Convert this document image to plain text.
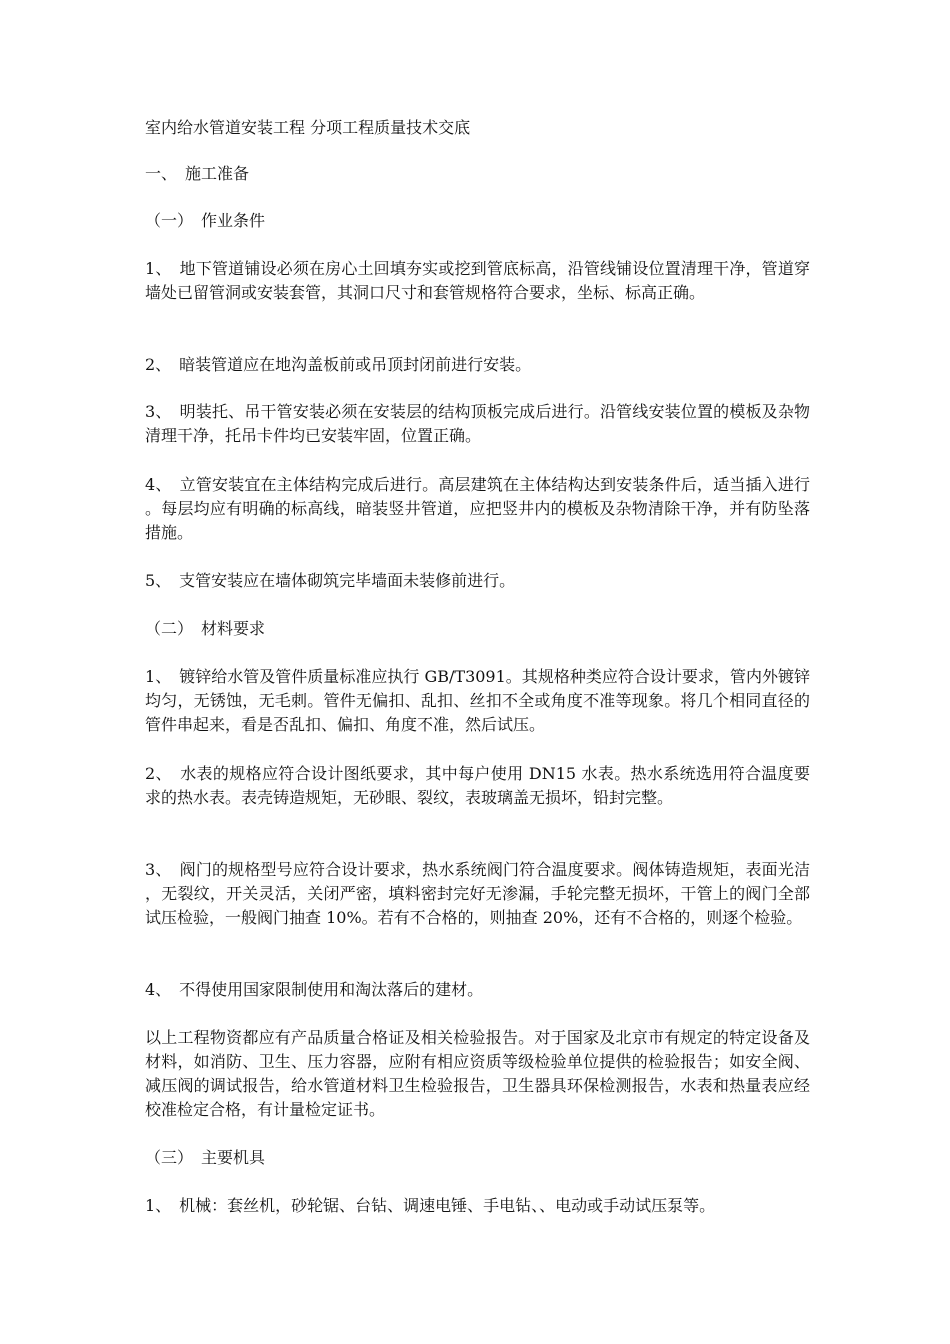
室内给水管道安装工程 分项工程质量技术交底

一、　施工准备

（一）　作业条件

1、　地下管道铺设必须在房心土回填夯实或挖到管底标高，沿管线铺设位置清理干净，管道穿墙处已留管洞或安装套管，其洞口尺寸和套管规格符合要求，坐标、标高正确。

2、　暗装管道应在地沟盖板前或吊顶封闭前进行安装。

3、　明装托、吊干管安装必须在安装层的结构顶板完成后进行。沿管线安装位置的模板及杂物清理干净，托吊卡件均已安装牢固，位置正确。

4、　立管安装宜在主体结构完成后进行。高层建筑在主体结构达到安装条件后，适当插入进行。每层均应有明确的标高线，暗装竖井管道，应把竖井内的模板及杂物清除干净，并有防坠落措施。

5、　支管安装应在墙体砌筑完毕墙面未装修前进行。

（二）　材料要求

1、　镀锌给水管及管件质量标准应执行 GB/T3091。其规格种类应符合设计要求，管内外镀锌均匀，无锈蚀，无毛刺。管件无偏扣、乱扣、丝扣不全或角度不准等现象。将几个相同直径的管件串起来，看是否乱扣、偏扣、角度不准，然后试压。

2、　水表的规格应符合设计图纸要求，其中每户使用 DN15 水表。热水系统选用符合温度要求的热水表。表壳铸造规矩，无砂眼、裂纹，表玻璃盖无损坏，铅封完整。

3、　阀门的规格型号应符合设计要求，热水系统阀门符合温度要求。阀体铸造规矩，表面光洁，无裂纹，开关灵活，关闭严密，填料密封完好无渗漏，手轮完整无损坏，干管上的阀门全部试压检验，一般阀门抽查 10%。若有不合格的，则抽查 20%，还有不合格的，则逐个检验。

4、　不得使用国家限制使用和淘汰落后的建材。

以上工程物资都应有产品质量合格证及相关检验报告。对于国家及北京市有规定的特定设备及材料，如消防、卫生、压力容器，应附有相应资质等级检验单位提供的检验报告；如安全阀、减压阀的调试报告，给水管道材料卫生检验报告，卫生器具环保检测报告，水表和热量表应经校准检定合格，有计量检定证书。

（三）　主要机具

1、　机械：套丝机，砂轮锯、台钻、调速电锤、手电钻、、电动或手动试压泵等。
